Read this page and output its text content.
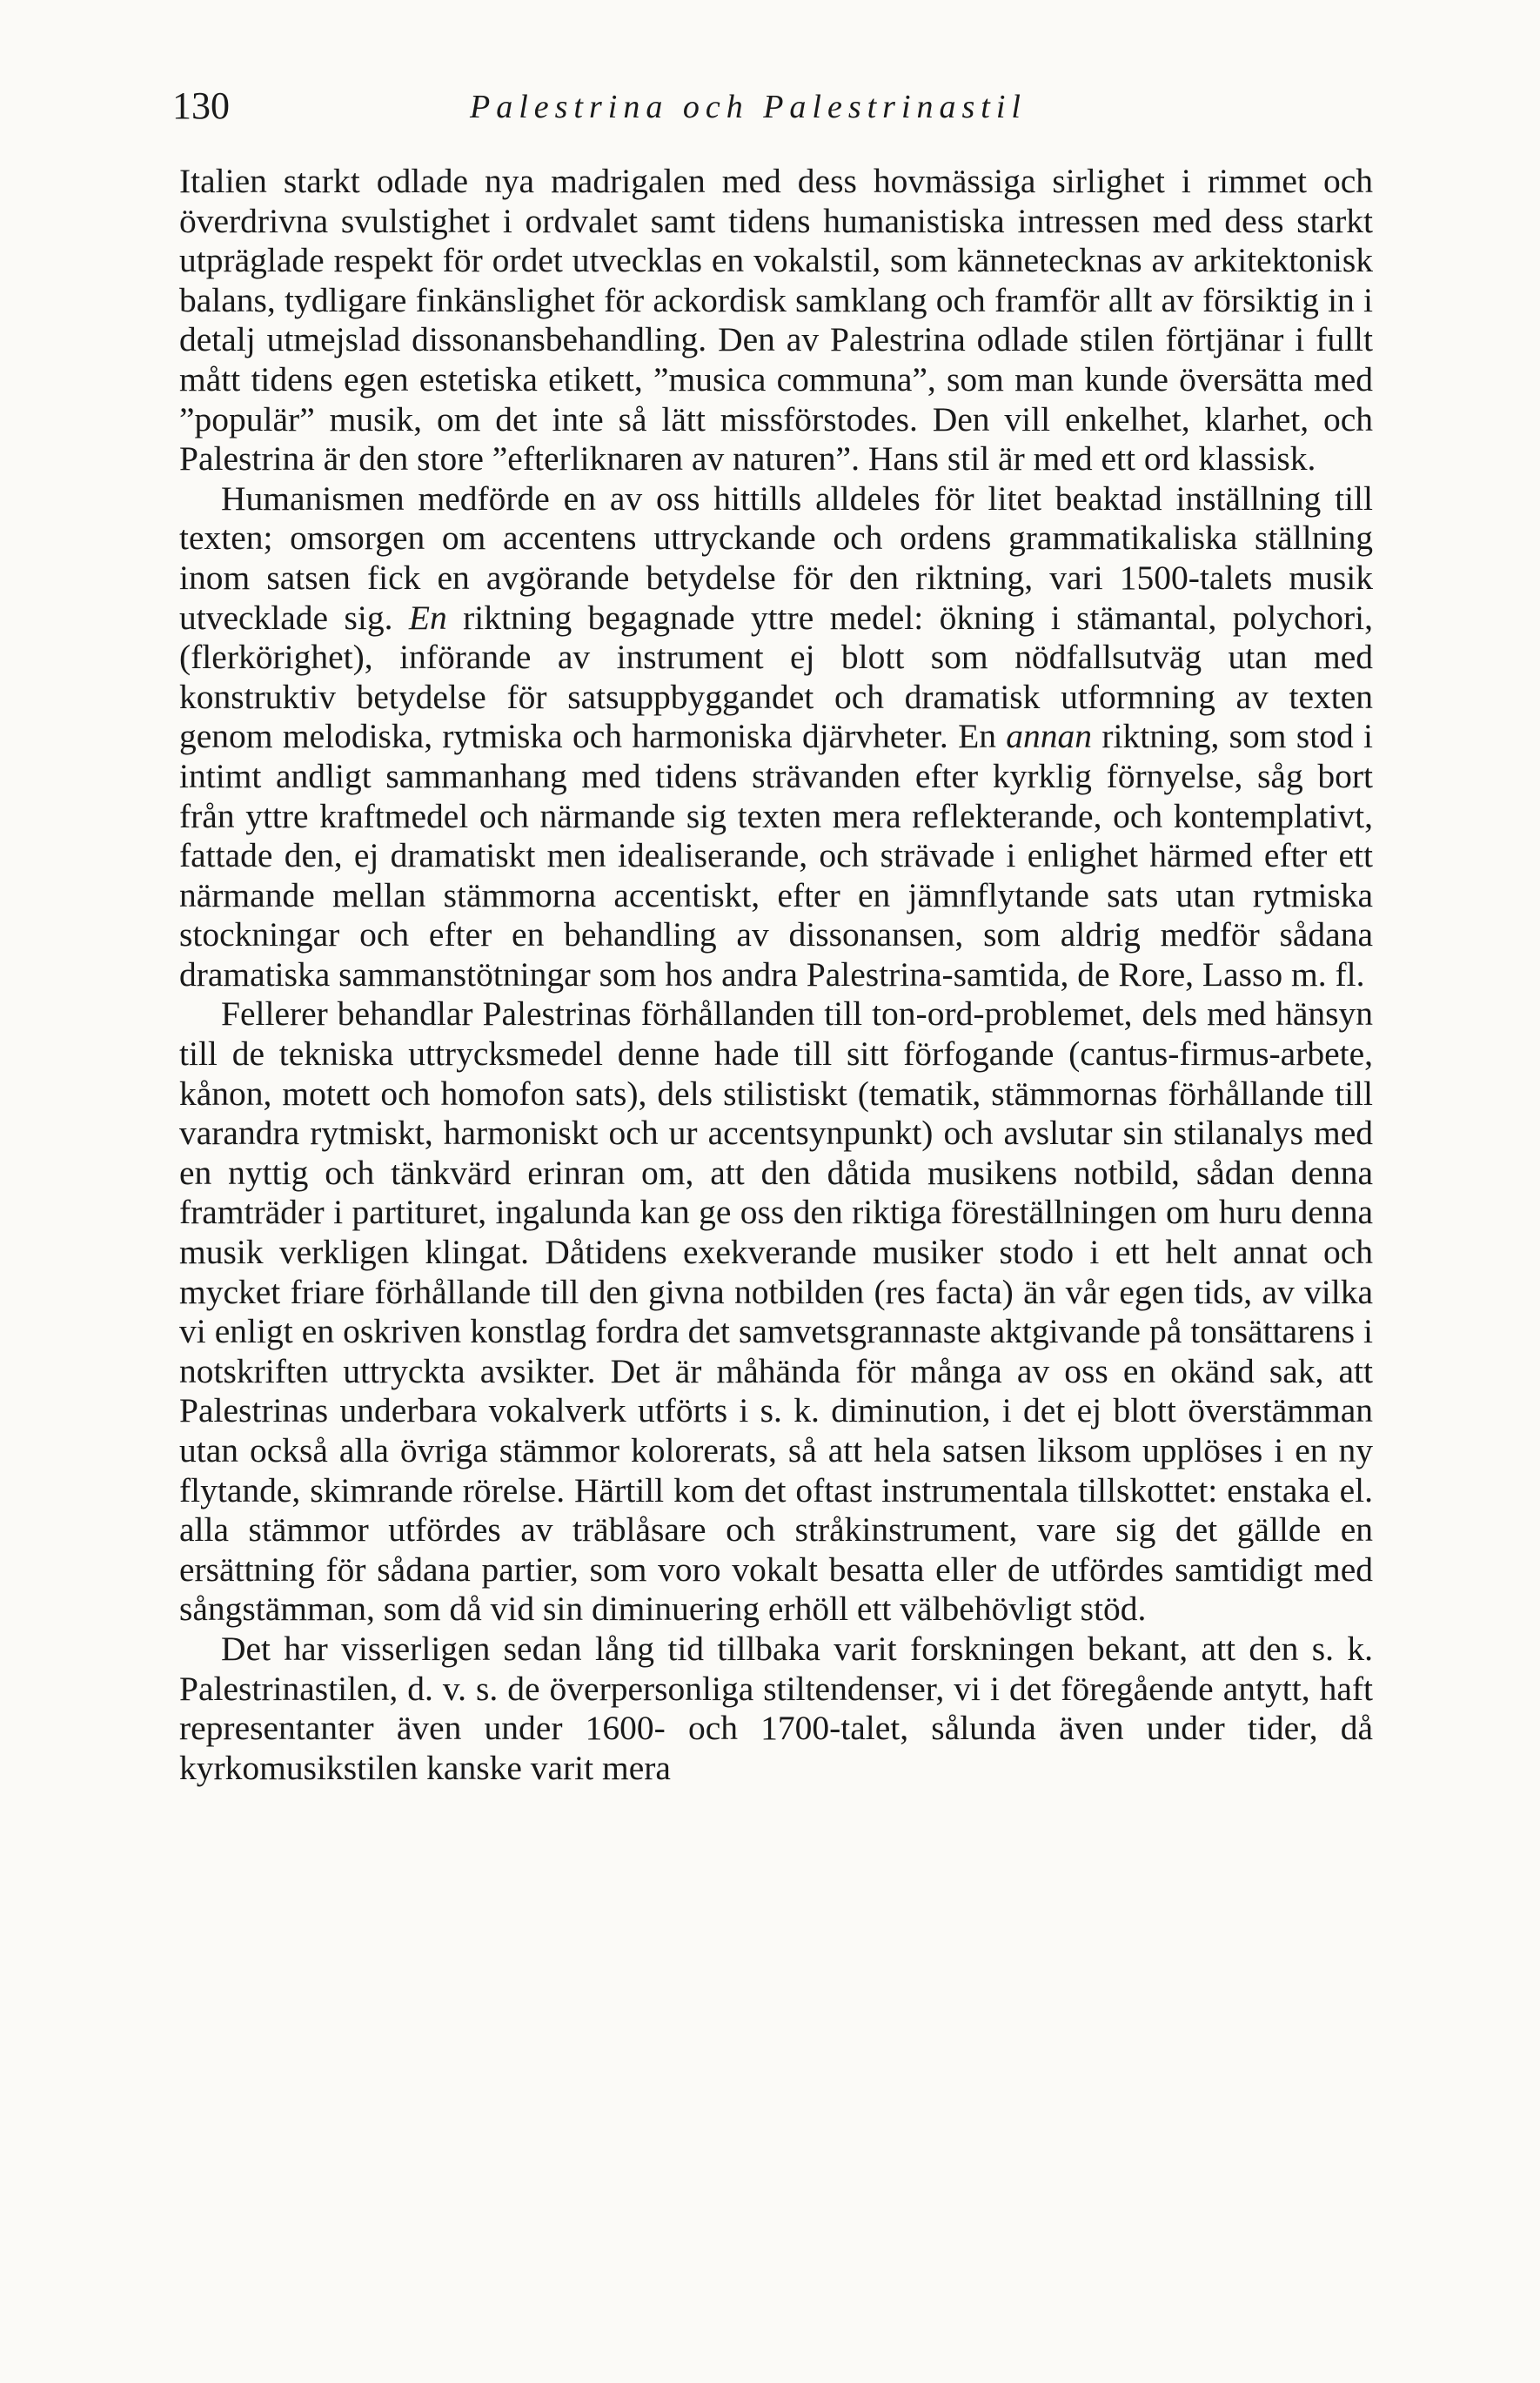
130	Palestrina och Palestrinastil

Italien starkt odlade nya madrigalen med dess hovmässiga sirlighet i rimmet och överdrivna svulstighet i ordvalet samt tidens humanistiska intressen med dess starkt utpräglade respekt för ordet utvecklas en vokalstil, som kännetecknas av arkitektonisk balans, tydligare finkänslighet för ackordisk samklang och framför allt av försiktig in i detalj utmejslad dissonansbehandling. Den av Palestrina odlade stilen förtjänar i fullt mått tidens egen estetiska etikett, ”musica communa”, som man kunde översätta med ”populär” musik, om det inte så lätt missförstodes. Den vill enkelhet, klarhet, och Palestrina är den store ”efterliknaren av naturen”. Hans stil är med ett ord klassisk.

Humanismen medförde en av oss hittills alldeles för litet beaktad inställning till texten; omsorgen om accentens uttryckande och ordens grammatikaliska ställning inom satsen fick en avgörande betydelse för den riktning, vari 1500-talets musik utvecklade sig. En riktning begagnade yttre medel: ökning i stämantal, polychori, (flerkörighet), införande av instrument ej blott som nödfallsutväg utan med konstruktiv betydelse för satsuppbyggandet och dramatisk utformning av texten genom melodiska, rytmiska och harmoniska djärvheter. En annan riktning, som stod i intimt andligt sammanhang med tidens strävanden efter kyrklig förnyelse, såg bort från yttre kraftmedel och närmande sig texten mera reflekterande, och kontemplativt, fattade den, ej dramatiskt men idealiserande, och strävade i enlighet härmed efter ett närmande mellan stämmorna accentiskt, efter en jämnflytande sats utan rytmiska stockningar och efter en behandling av dissonansen, som aldrig medför sådana dramatiska sammanstötningar som hos andra Palestrina-samtida, de Rore, Lasso m. fl.

Fellerer behandlar Palestrinas förhållanden till ton-ord-problemet, dels med hänsyn till de tekniska uttrycksmedel denne hade till sitt förfogande (cantus-firmus-arbete, kånon, motett och homofon sats), dels stilistiskt (tematik, stämmornas förhållande till varandra rytmiskt, harmoniskt och ur accentsynpunkt) och avslutar sin stilanalys med en nyttig och tänkvärd erinran om, att den dåtida musikens notbild, sådan denna framträder i partituret, ingalunda kan ge oss den riktiga föreställningen om huru denna musik verkligen klingat. Dåtidens exekverande musiker stodo i ett helt annat och mycket friare förhållande till den givna notbilden (res facta) än vår egen tids, av vilka vi enligt en oskriven konstlag fordra det samvetsgrannaste aktgivande på tonsättarens i notskriften uttryckta avsikter. Det är måhända för många av oss en okänd sak, att Palestrinas underbara vokalverk utförts i s. k. diminution, i det ej blott överstämman utan också alla övriga stämmor kolorerats, så att hela satsen liksom upplöses i en ny flytande, skimrande rörelse. Härtill kom det oftast instrumentala tillskottet: enstaka el. alla stämmor utfördes av träblåsare och stråkinstrument, vare sig det gällde en ersättning för sådana partier, som voro vokalt besatta eller de utfördes samtidigt med sångstämman, som då vid sin diminuering erhöll ett välbehövligt stöd.

Det har visserligen sedan lång tid tillbaka varit forskningen bekant, att den s. k. Palestrinastilen, d. v. s. de överpersonliga stiltendenser, vi i det föregående antytt, haft representanter även under 1600- och 1700-talet, sålunda även under tider, då kyrkomusikstilen kanske varit mera
